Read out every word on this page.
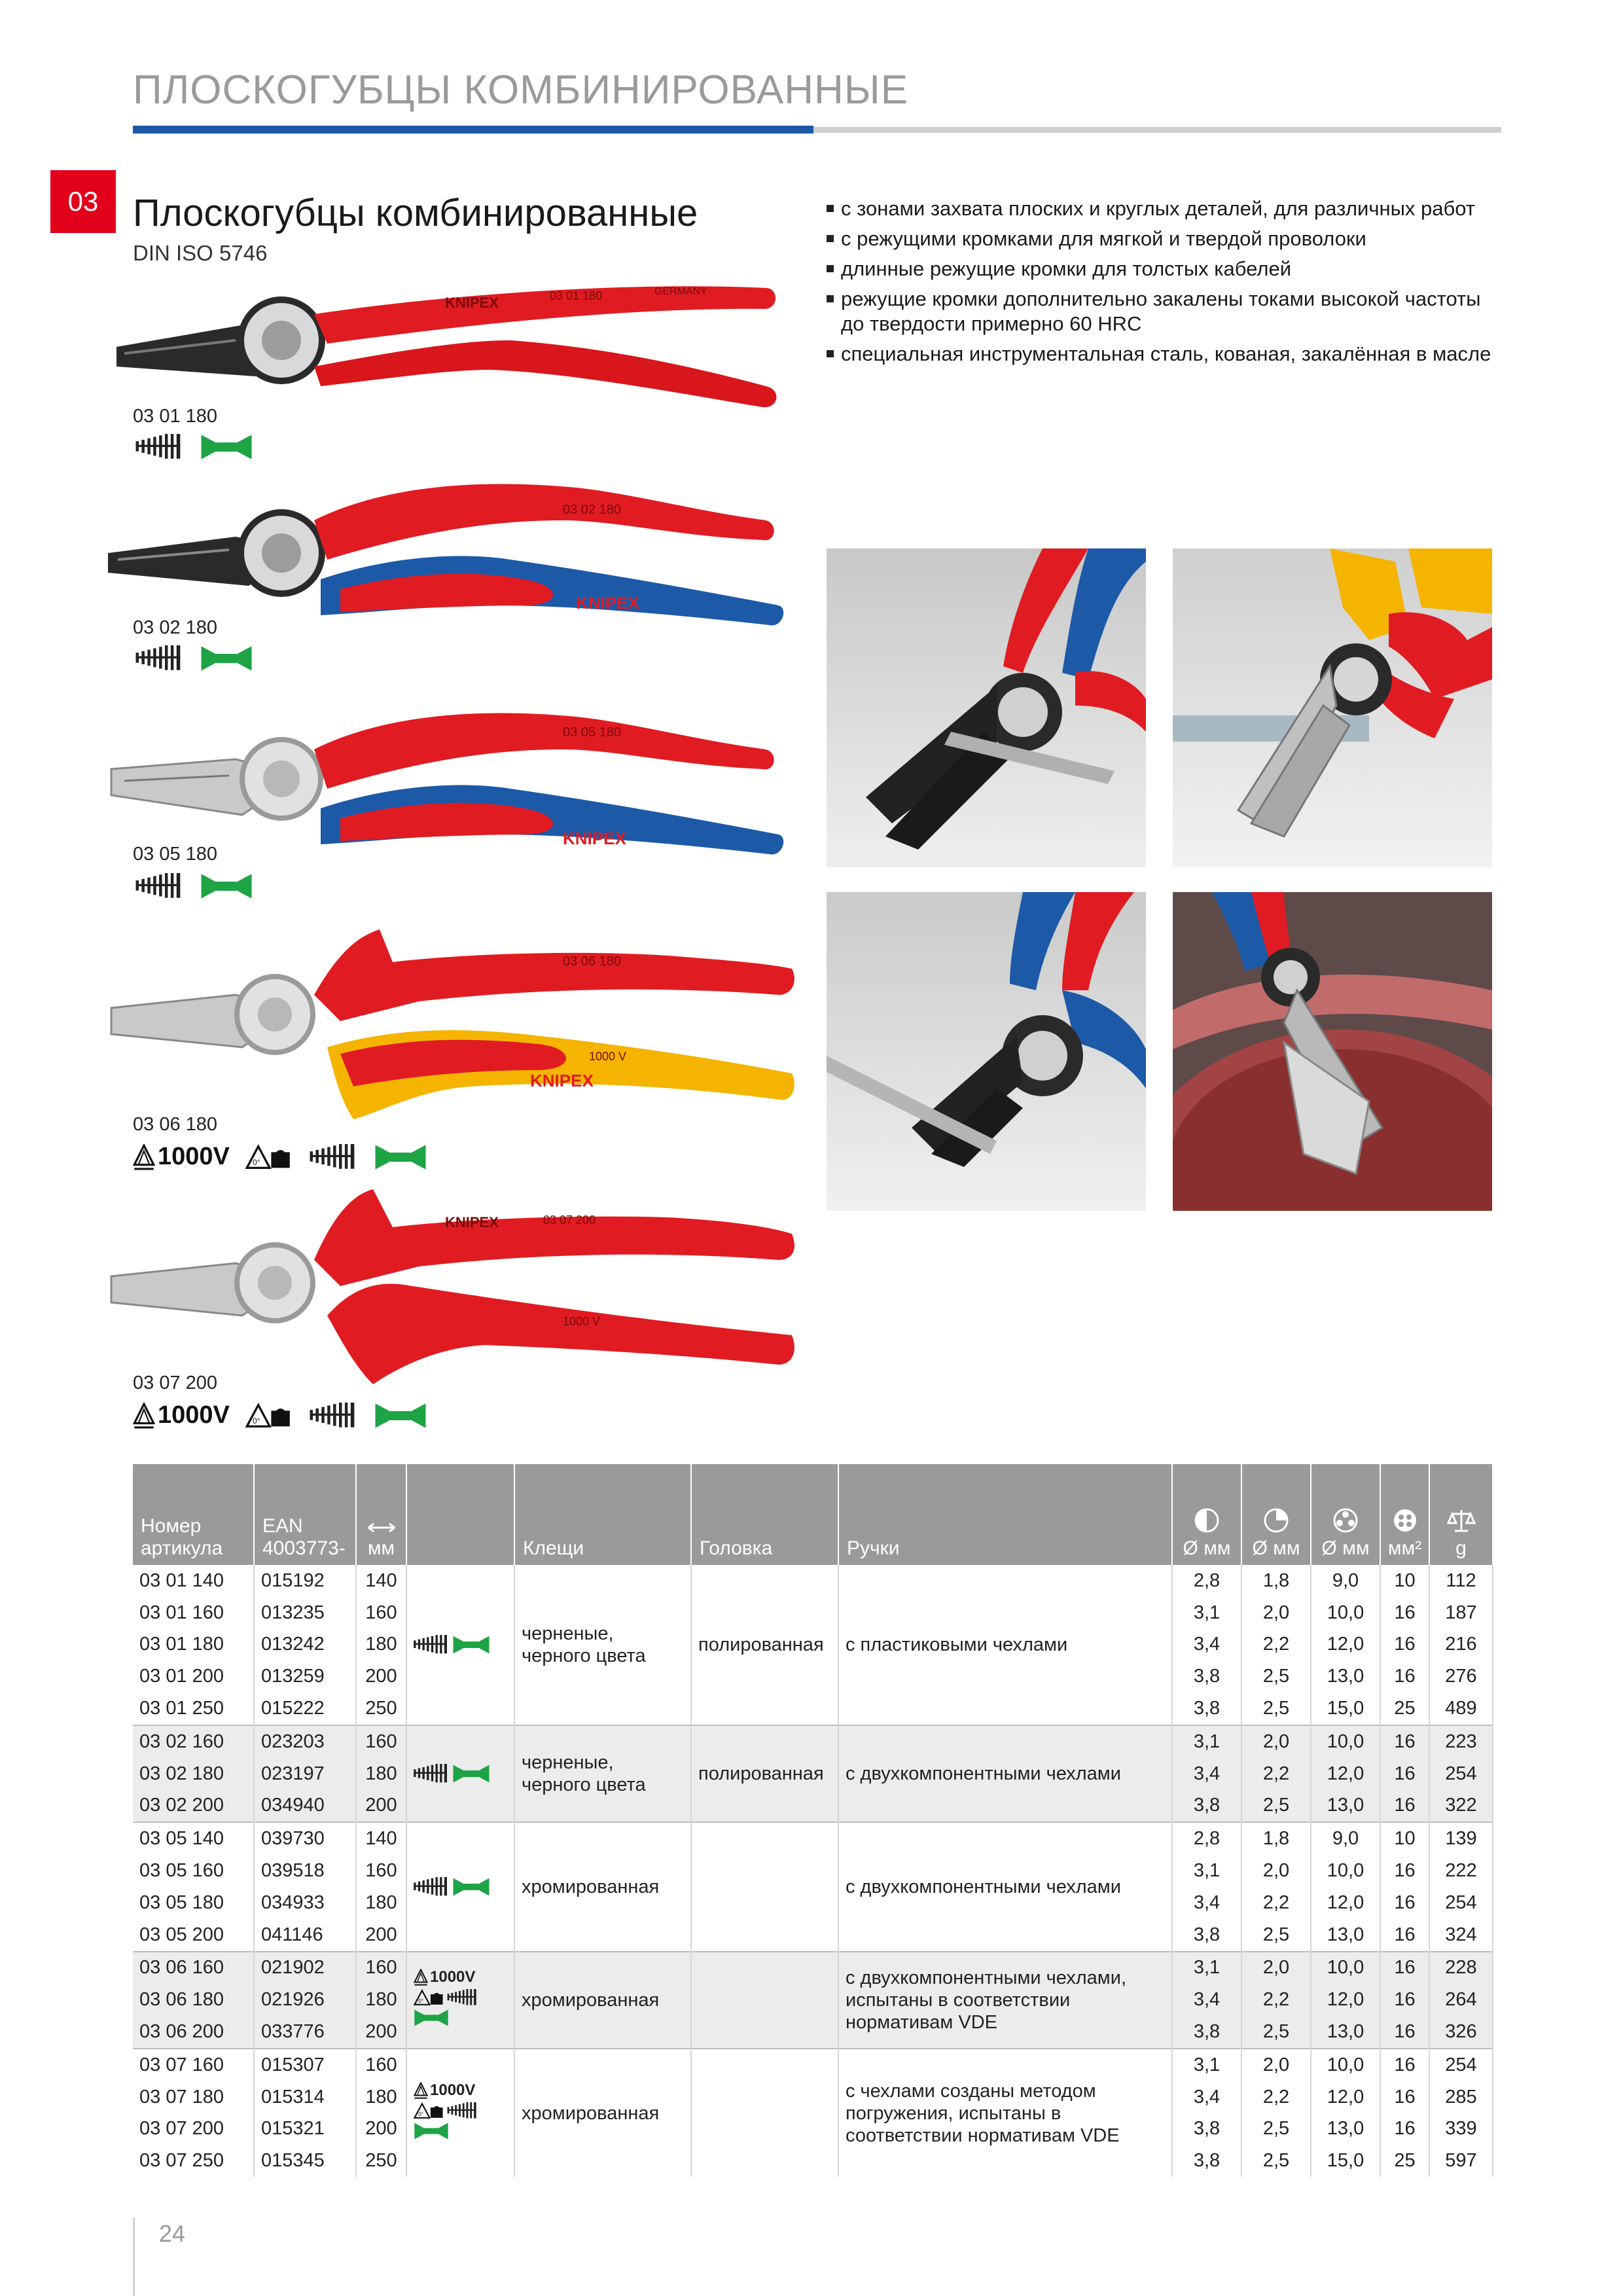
ПЛОСКОГУБЦЫ КОМБИНИРОВАННЫЕ
03 Плоскогубцы комбинированные
DIN ISO 5746
с зонами захвата плоских и круглых деталей, для различных работ
с режущими кромками для мягкой и твердой проволоки
длинные режущие кромки для толстых кабелей
режущие кромки дополнительно закалены токами высокой частоты до твердости примерно 60 HRC
специальная инструментальная сталь, кованая, закалённая в масле
KNIPEX	03 01 180	GERMANY
03 01 180
03 02 180
KNIPEX
03 02 180
03 05 180
KNIPEX
03 05 180
03 06 180
1000 V
KNIPEX
03 06 180
1000V
KNIPEX	03 07 200
1000 V
03 07 200
1000V
Номер артикула	EAN 4003773-	мм		Клещи	Головка	Ручки	Ø мм	Ø мм	Ø мм	мм²	g
03 01 140	015192	140		черненые, черного цвета	полированная	с пластиковыми чехлами	2,8	1,8	9,0	10	112
03 01 160	013235	160					3,1	2,0	10,0	16	187
03 01 180	013242	180					3,4	2,2	12,0	16	216
03 01 200	013259	200					3,8	2,5	13,0	16	276
03 01 250	015222	250					3,8	2,5	15,0	25	489
03 02 160	023203	160		черненые, черного цвета	полированная	с двухкомпонентными чехлами	3,1	2,0	10,0	16	223
03 02 180	023197	180					3,4	2,2	12,0	16	254
03 02 200	034940	200					3,8	2,5	13,0	16	322
03 05 140	039730	140		хромированная		с двухкомпонентными чехлами	2,8	1,8	9,0	10	139
03 05 160	039518	160					3,1	2,0	10,0	16	222
03 05 180	034933	180					3,4	2,2	12,0	16	254
03 05 200	041146	200					3,8	2,5	13,0	16	324
03 06 160	021902	160	1000V	хромированная		с двухкомпонентными чехлами, испытаны в соответствии нормативам VDE	3,1	2,0	10,0	16	228
03 06 180	021926	180					3,4	2,2	12,0	16	264
03 06 200	033776	200					3,8	2,5	13,0	16	326
03 07 160	015307	160	1000V	хромированная		с чехлами созданы методом погружения, испытаны в соответствии нормативам VDE	3,1	2,0	10,0	16	254
03 07 180	015314	180					3,4	2,2	12,0	16	285
03 07 200	015321	200					3,8	2,5	13,0	16	339
03 07 250	015345	250					3,8	2,5	15,0	25	597
24
